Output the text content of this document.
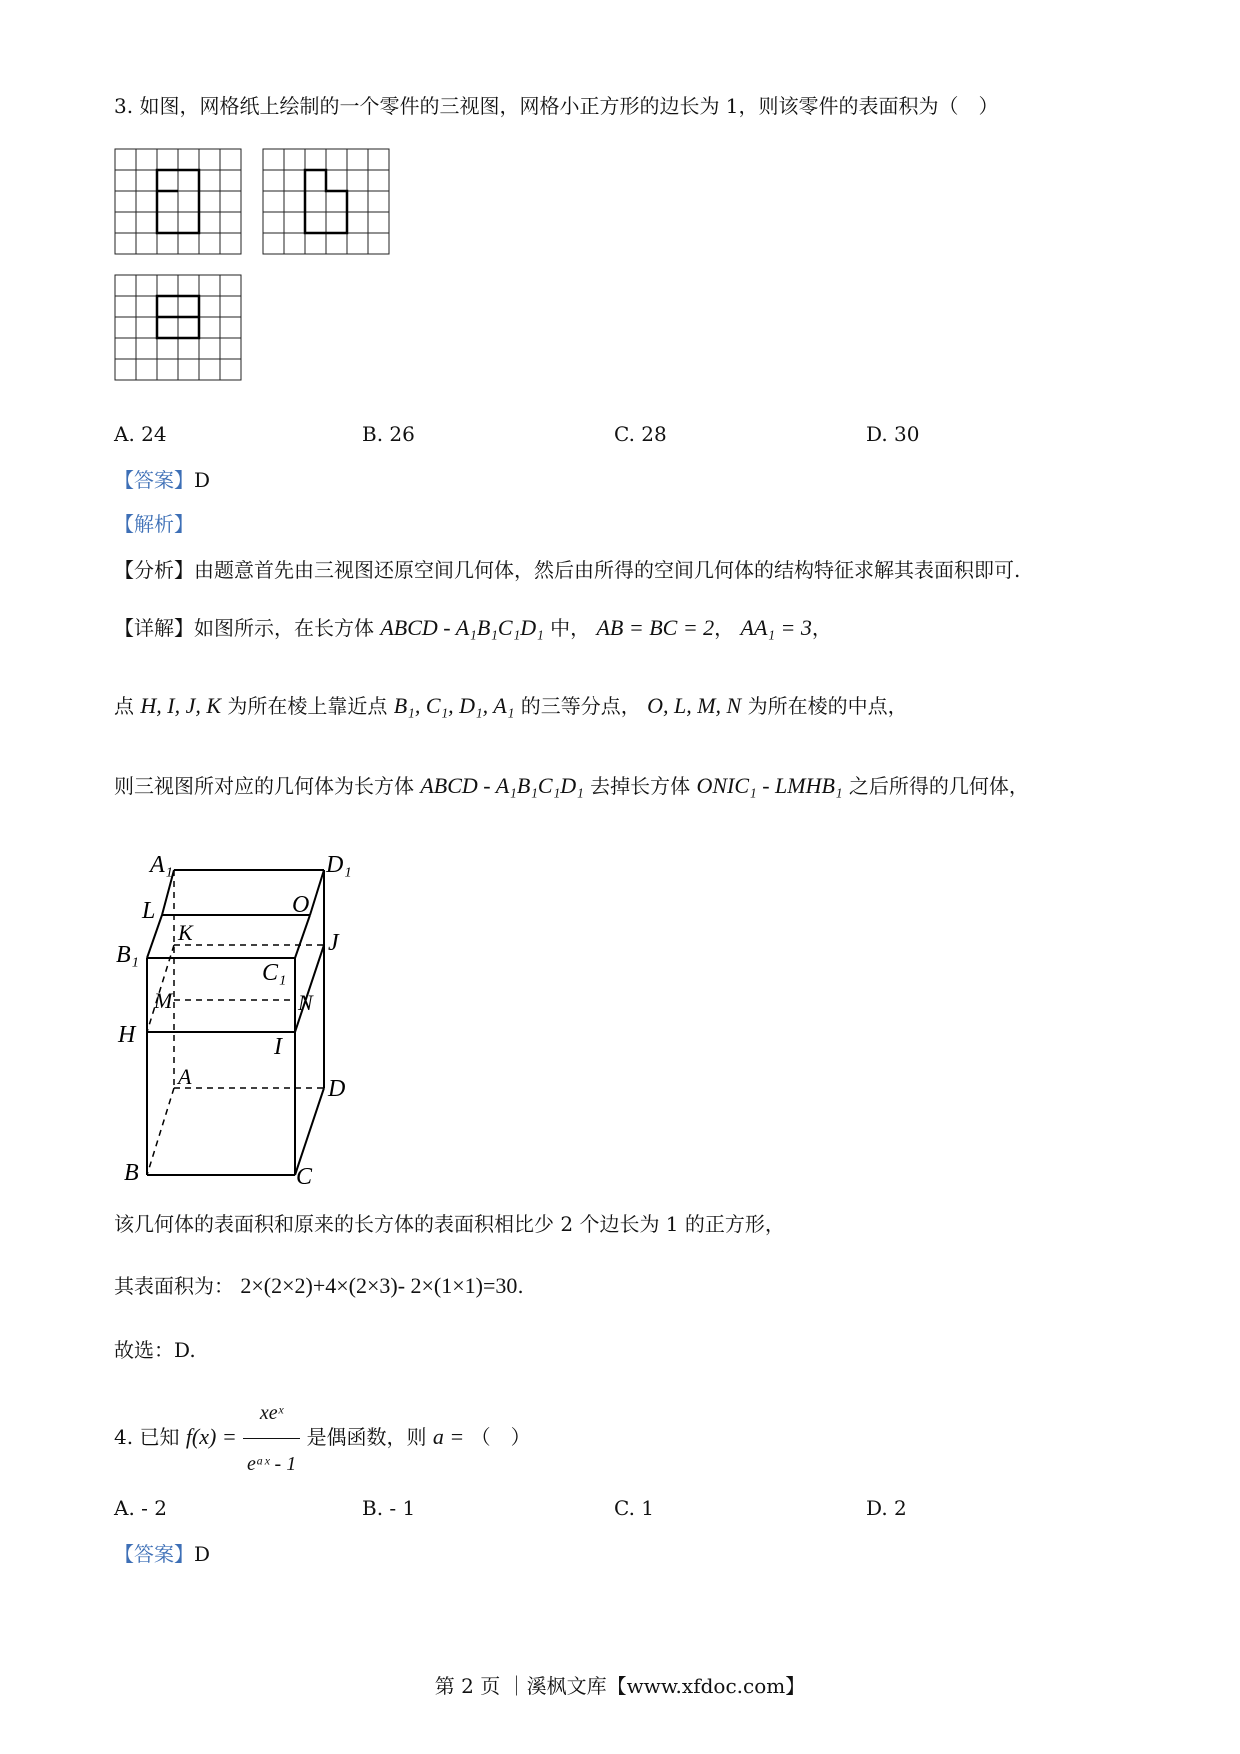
3. 如图，网格纸上绘制的一个零件的三视图，网格小正方形的边长为 1，则该零件的表面积为（　）
A. 24	B. 26	C. 28	D. 30
【答案】D
【解析】
【分析】由题意首先由三视图还原空间几何体，然后由所得的空间几何体的结构特征求解其表面积即可.
【详解】如图所示，在长方体 ABCD - A₁B₁C₁D₁ 中， AB = BC = 2， AA₁ = 3，
点 H, I, J, K 为所在棱上靠近点 B₁, C₁, D₁, A₁ 的三等分点， O, L, M, N 为所在棱的中点，
则三视图所对应的几何体为长方体 ABCD - A₁B₁C₁D₁ 去掉长方体 ONIC₁ - LMHB₁ 之后所得的几何体，
A₁	D₁
L	O
K	J
B₁
C₁
M	N
H	I
A	D
B	C
该几何体的表面积和原来的长方体的表面积相比少 2 个边长为 1 的正方形，
其表面积为： 2×(2×2)+4×(2×3)- 2×(1×1)=30.
故选：D.
4. 已知 $f(x) = \frac{\text{xeˣ}}{\text{eᵃˣ - 1}}$ 是偶函数，则 a = （　）
A. - 2	B. - 1	C. 1	D. 2
【答案】D
第 2 页 ｜溪枫文库【www.xfdoc.com】
